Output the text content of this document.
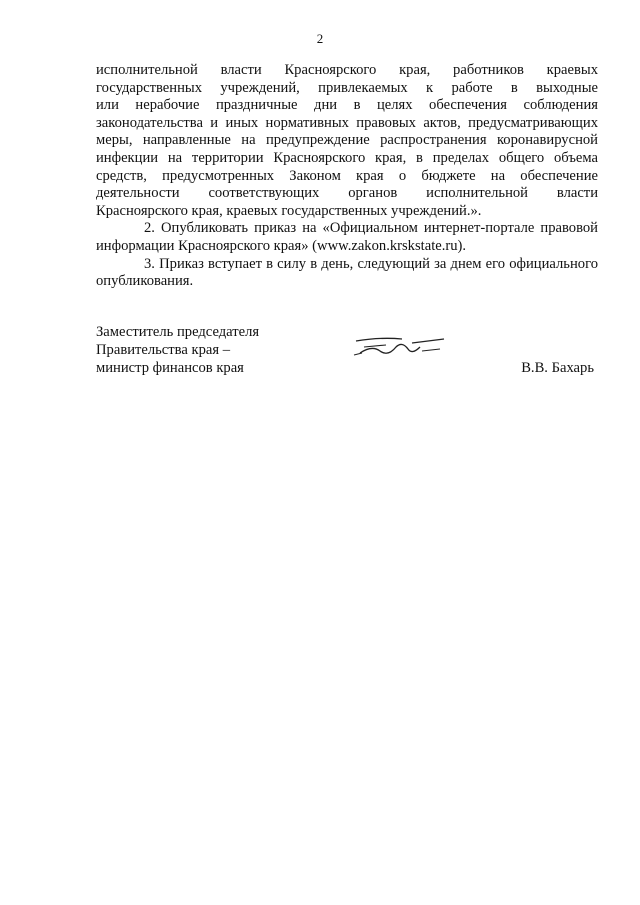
2
исполнительной власти Красноярского края, работников краевых
государственных учреждений, привлекаемых к работе в выходные
или нерабочие праздничные дни в целях обеспечения соблюдения
законодательства и иных нормативных правовых актов, предусматривающих
меры, направленные на предупреждение распространения коронавирусной
инфекции на территории Красноярского края, в пределах общего объема
средств, предусмотренных Законом края о бюджете на обеспечение
деятельности соответствующих органов исполнительной власти
Красноярского края, краевых государственных учреждений.».
2. Опубликовать приказ на «Официальном интернет-портале правовой
информации Красноярского края» (www.zakon.krskstate.ru).
3. Приказ вступает в силу в день, следующий за днем его официального
опубликования.
Заместитель председателя
Правительства края –
министр финансов края	В.В. Бахарь
